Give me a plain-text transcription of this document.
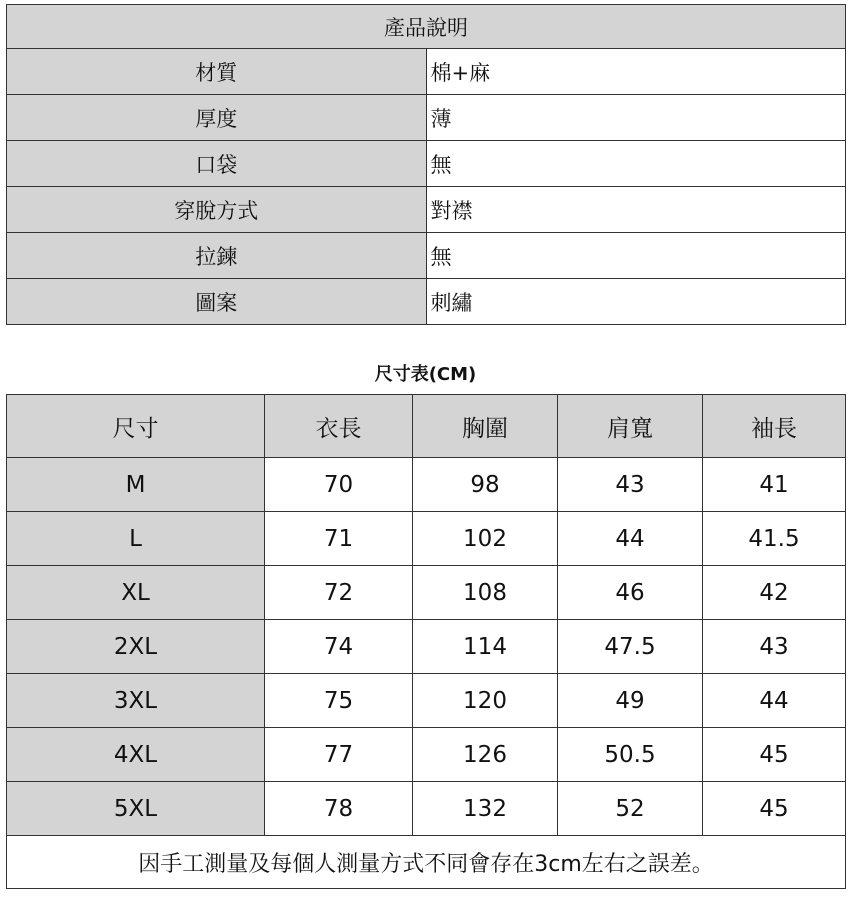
產品說明	
材質	棉+麻
厚度	薄
口袋	無
穿脫方式	對襟
拉鍊	無
圖案	刺繡
尺寸表(CM)
尺寸	衣長	胸圍	肩寬	袖長
M	70	98	43	41
L	71	102	44	41.5
XL	72	108	46	42
2XL	74	114	47.5	43
3XL	75	120	49	44
4XL	77	126	50.5	45
5XL	78	132	52	45
因手工測量及每個人測量方式不同會存在3cm左右之誤差。				
